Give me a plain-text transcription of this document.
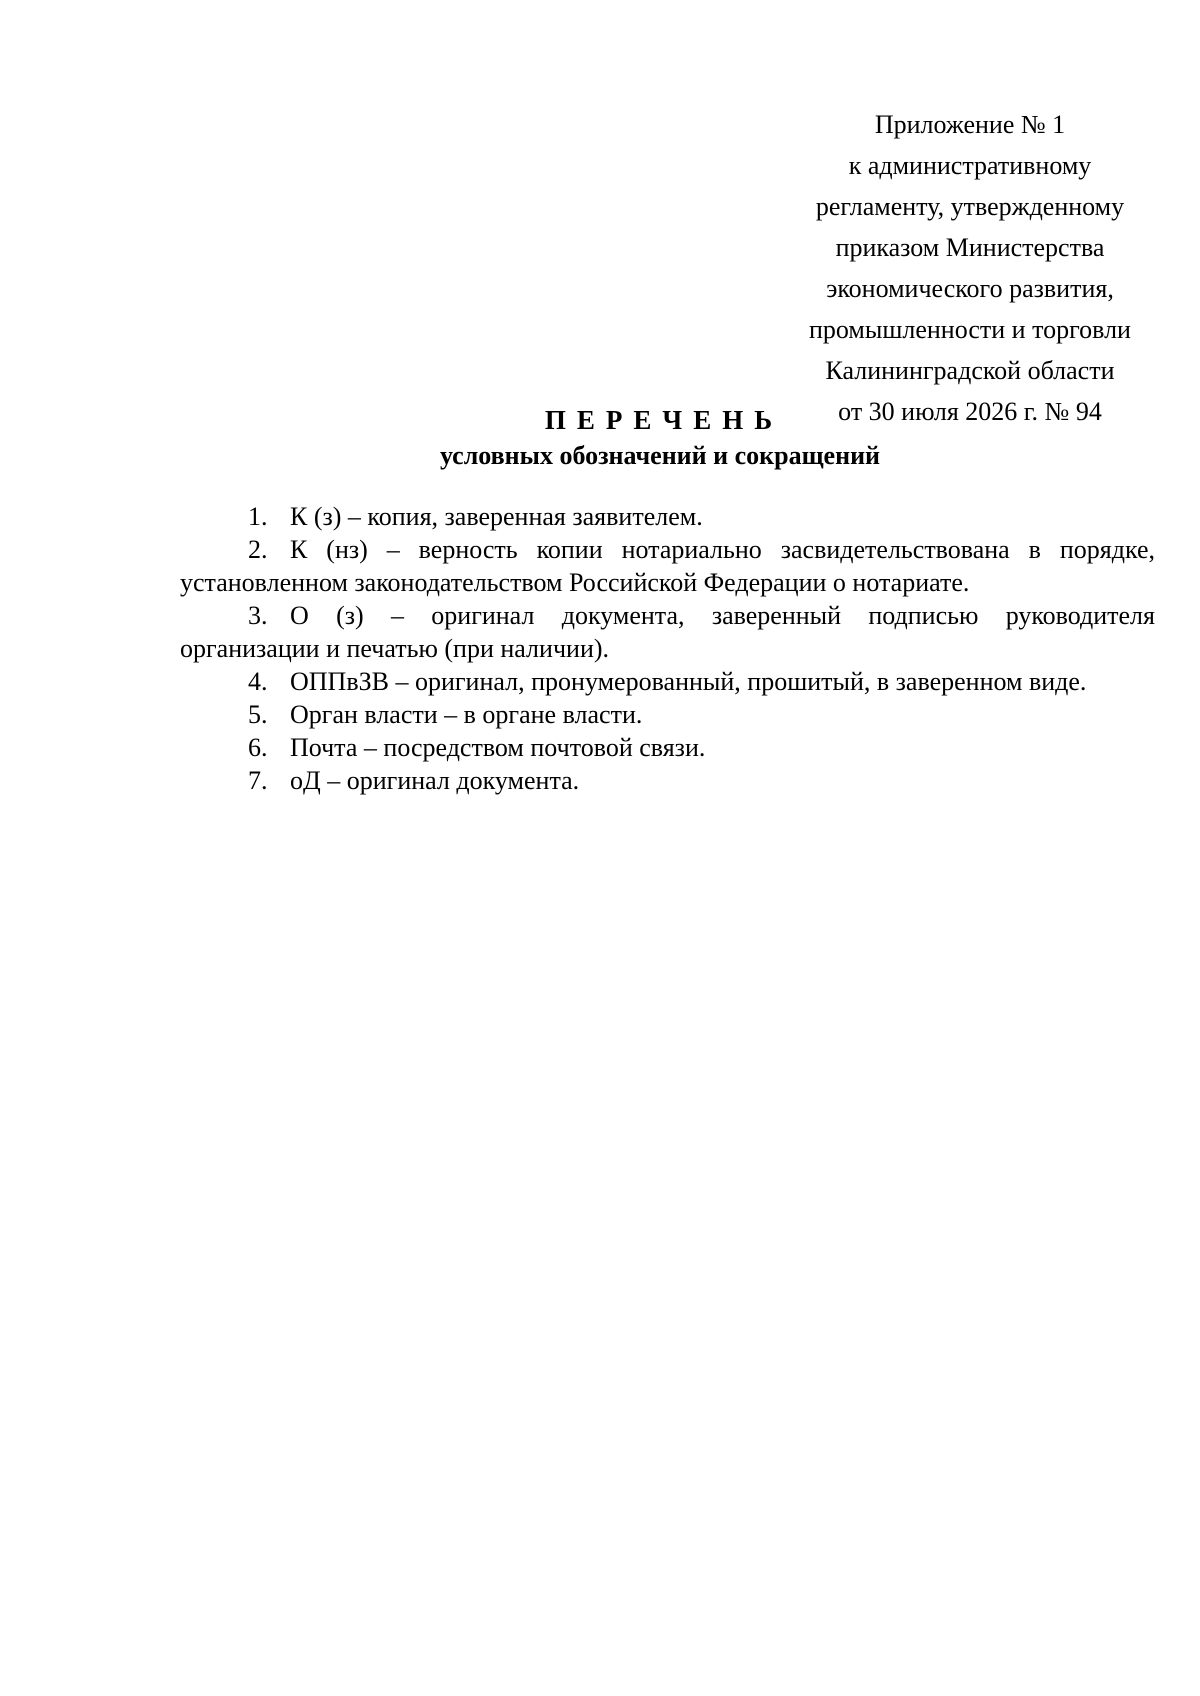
Приложение № 1
к административному
регламенту, утвержденному
приказом Министерства
экономического развития,
промышленности и торговли
Калининградской области
от 30 июля 2026 г. № 94
ПЕРЕЧЕНЬ
условных обозначений и сокращений

1. К (з) – копия, заверенная заявителем.

2. К (нз) – верность копии нотариально засвидетельствована в порядке, установленном законодательством Российской Федерации о нотариате.

3. О (з) – оригинал документа, заверенный подписью руководителя организации и печатью (при наличии).

4. ОППвЗВ – оригинал, пронумерованный, прошитый, в заверенном виде.

5. Орган власти – в органе власти.

6. Почта – посредством почтовой связи.

7. оД – оригинал документа.
